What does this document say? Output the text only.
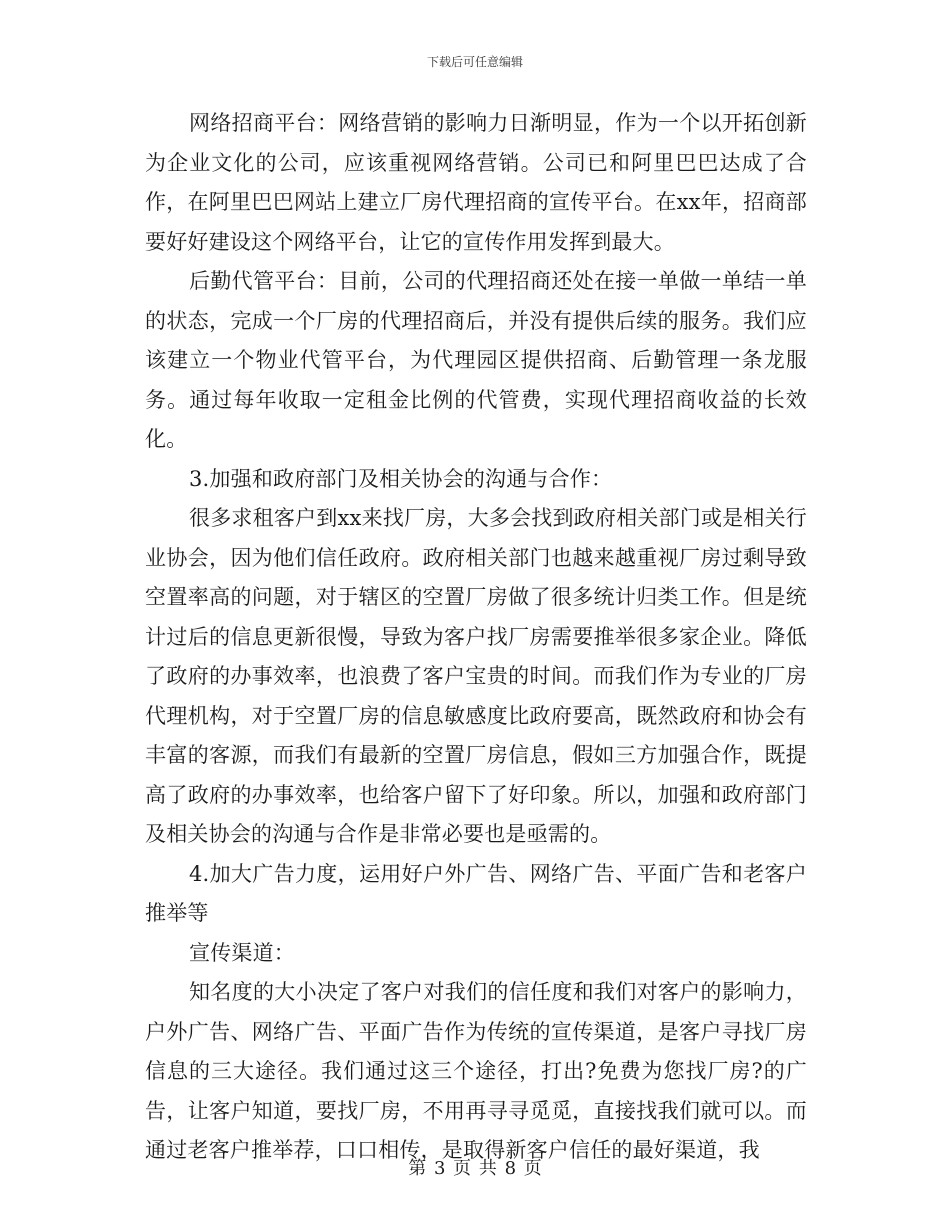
下载后可任意编辑

网络招商平台：网络营销的影响力日渐明显，作为一个以开拓创新为企业文化的公司，应该重视网络营销。公司已和阿里巴巴达成了合作，在阿里巴巴网站上建立厂房代理招商的宣传平台。在xx年，招商部要好好建设这个网络平台，让它的宣传作用发挥到最大。

后勤代管平台：目前，公司的代理招商还处在接一单做一单结一单的状态，完成一个厂房的代理招商后，并没有提供后续的服务。我们应该建立一个物业代管平台，为代理园区提供招商、后勤管理一条龙服务。通过每年收取一定租金比例的代管费，实现代理招商收益的长效化。

3.加强和政府部门及相关协会的沟通与合作：

很多求租客户到xx来找厂房，大多会找到政府相关部门或是相关行业协会，因为他们信任政府。政府相关部门也越来越重视厂房过剩导致空置率高的问题，对于辖区的空置厂房做了很多统计归类工作。但是统计过后的信息更新很慢，导致为客户找厂房需要推举很多家企业。降低了政府的办事效率，也浪费了客户宝贵的时间。而我们作为专业的厂房代理机构，对于空置厂房的信息敏感度比政府要高，既然政府和协会有丰富的客源，而我们有最新的空置厂房信息，假如三方加强合作，既提高了政府的办事效率，也给客户留下了好印象。所以，加强和政府部门及相关协会的沟通与合作是非常必要也是亟需的。

4.加大广告力度，运用好户外广告、网络广告、平面广告和老客户推举等

宣传渠道：

知名度的大小决定了客户对我们的信任度和我们对客户的影响力，户外广告、网络广告、平面广告作为传统的宣传渠道，是客户寻找厂房信息的三大途径。我们通过这三个途径，打出?免费为您找厂房?的广告，让客户知道，要找厂房，不用再寻寻觅觅，直接找我们就可以。而通过老客户推举荐，口口相传，是取得新客户信任的最好渠道，我

第 3 页 共 8 页
